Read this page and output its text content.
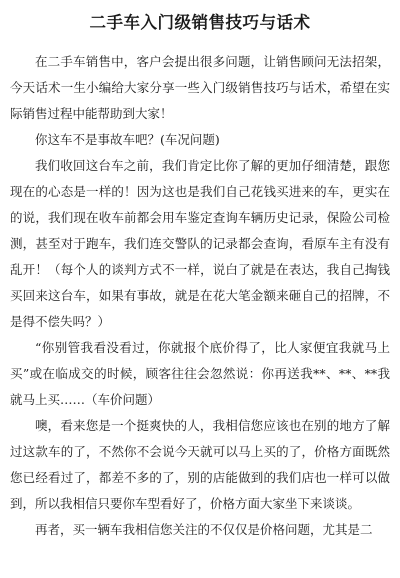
二手车入门级销售技巧与话术

在二手车销售中，客户会提出很多问题，让销售顾问无法招架，今天话术一生小编给大家分享一些入门级销售技巧与话术，希望在实际销售过程中能帮助到大家！

你这车不是事故车吧？(车况问题)

我们收回这台车之前，我们肯定比你了解的更加仔细清楚，跟您现在的心态是一样的！因为这也是我们自己花钱买进来的车，更实在的说，我们现在收车前都会用车鉴定查询车辆历史记录，保险公司检测，甚至对于跑车，我们连交警队的记录都会查询，看原车主有没有乱开！（每个人的谈判方式不一样，说白了就是在表达，我自己掏钱买回来这台车，如果有事故，就是在花大笔金额来砸自己的招牌，不是得不偿失吗？）

“你别管我看没看过，你就报个底价得了，比人家便宜我就马上买”或在临成交的时候，顾客往往会忽然说：你再送我**、**、**我就马上买……（车价问题）

噢，看来您是一个挺爽快的人，我相信您应该也在别的地方了解过这款车的了，不然你不会说今天就可以马上买的了，价格方面既然您已经看过了，都差不多的了，别的店能做到的我们店也一样可以做到，所以我相信只要你车型看好了，价格方面大家坐下来谈谈。

再者，买一辆车我相信您关注的不仅仅是价格问题，尤其是二
